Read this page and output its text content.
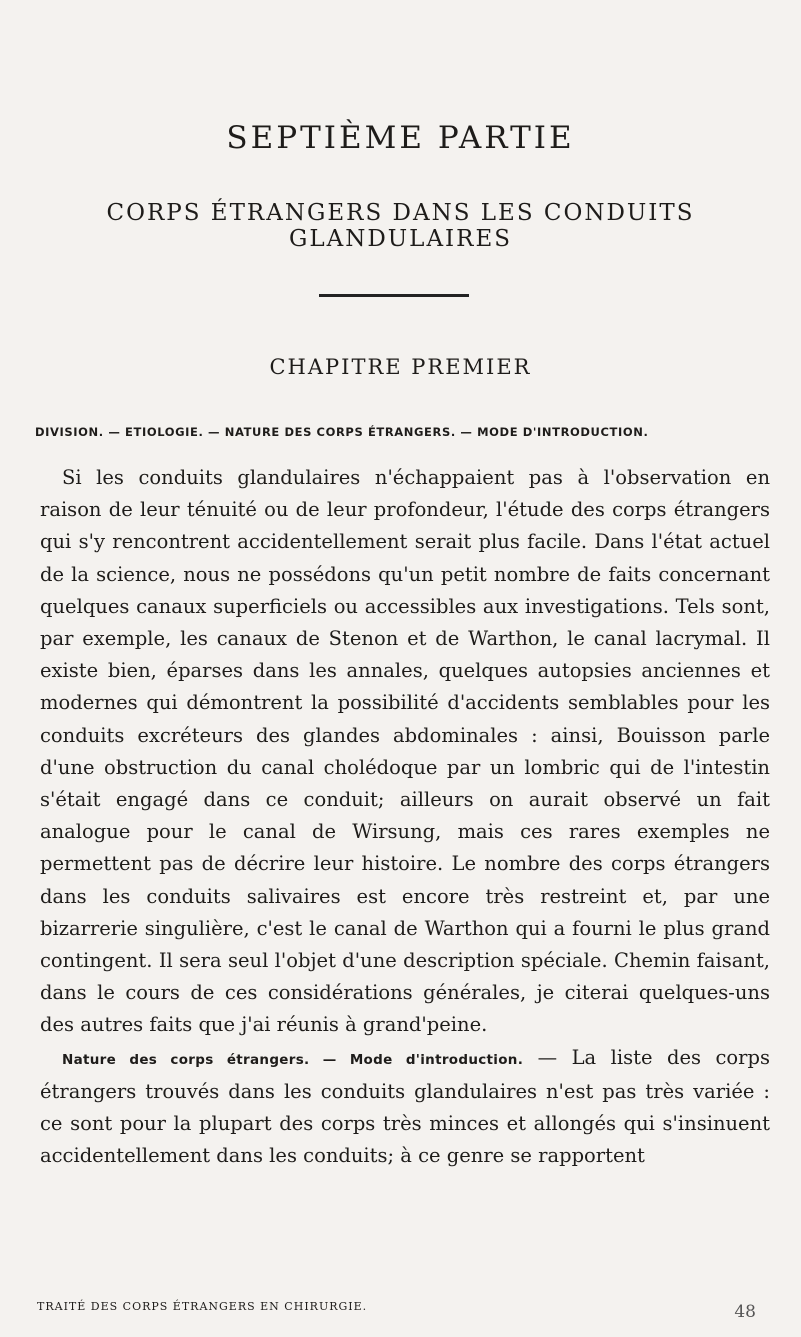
SEPTIÈME PARTIE
CORPS ÉTRANGERS DANS LES CONDUITS GLANDULAIRES
CHAPITRE PREMIER
DIVISION. — ETIOLOGIE. — NATURE DES CORPS ÉTRANGERS. — MODE D'INTRODUCTION.

Si les conduits glandulaires n'échappaient pas à l'observation en raison de leur ténuité ou de leur profondeur, l'étude des corps étrangers qui s'y rencontrent accidentellement serait plus facile. Dans l'état actuel de la science, nous ne possédons qu'un petit nombre de faits concernant quelques canaux superficiels ou accessibles aux investigations. Tels sont, par exemple, les canaux de Stenon et de Warthon, le canal lacrymal. Il existe bien, éparses dans les annales, quelques autopsies anciennes et modernes qui démontrent la possibilité d'accidents semblables pour les conduits excréteurs des glandes abdominales : ainsi, Bouisson parle d'une obstruction du canal cholédoque par un lombric qui de l'intestin s'était engagé dans ce conduit; ailleurs on aurait observé un fait analogue pour le canal de Wirsung, mais ces rares exemples ne permettent pas de décrire leur histoire. Le nombre des corps étrangers dans les conduits salivaires est encore très restreint et, par une bizarrerie singulière, c'est le canal de Warthon qui a fourni le plus grand contingent. Il sera seul l'objet d'une description spéciale. Chemin faisant, dans le cours de ces considérations générales, je citerai quelques-uns des autres faits que j'ai réunis à grand'peine.

Nature des corps étrangers. — Mode d'introduction. — La liste des corps étrangers trouvés dans les conduits glandulaires n'est pas très variée : ce sont pour la plupart des corps très minces et allongés qui s'insinuent accidentellement dans les conduits; à ce genre se rapportent

TRAITÉ DES CORPS ÉTRANGERS EN CHIRURGIE.	48
